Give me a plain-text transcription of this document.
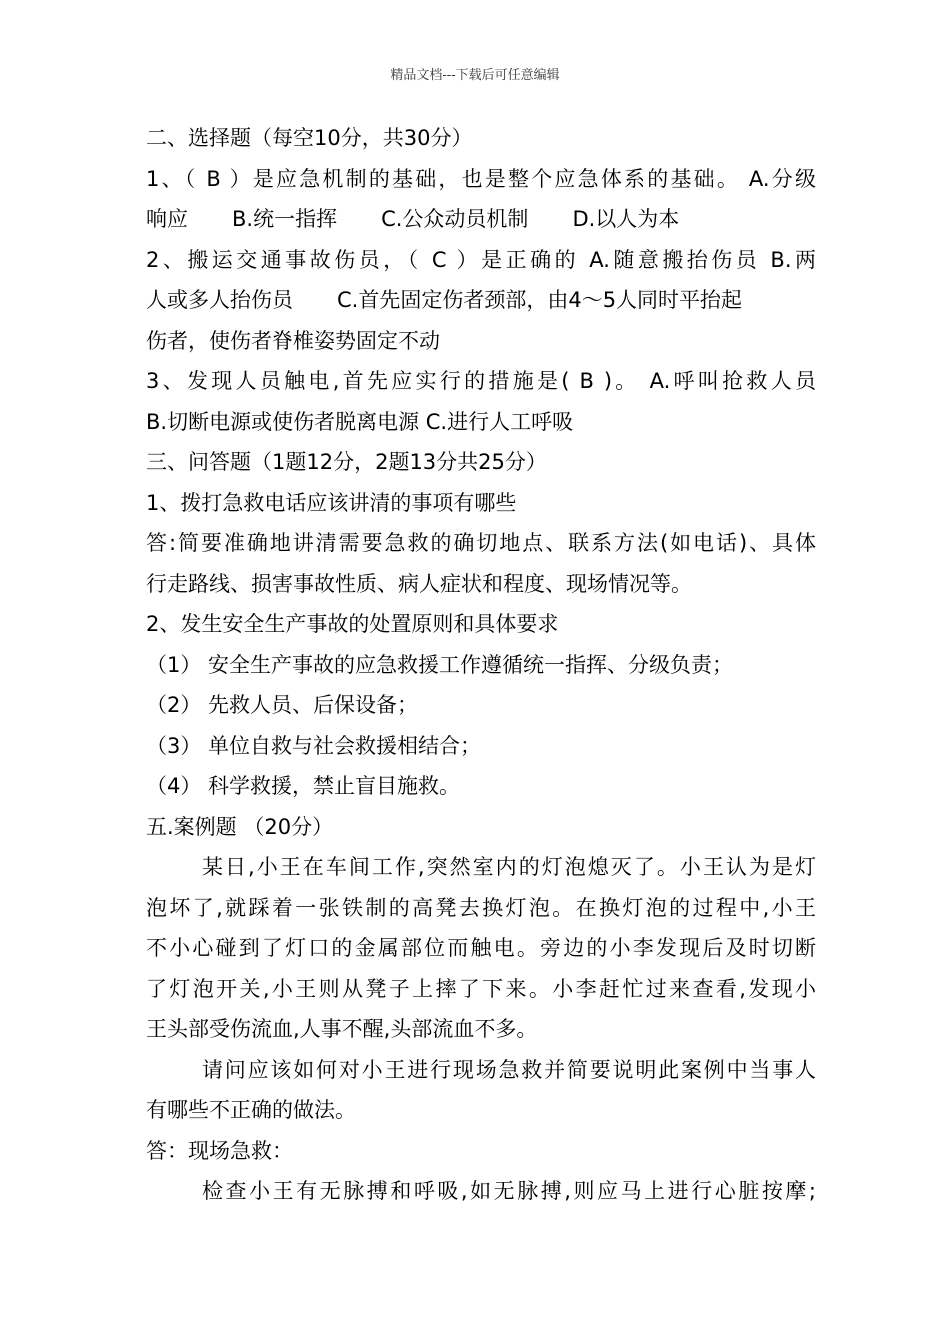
精品文档---下载后可任意编辑
二、选择题（每空10分，共30分）
1、（ B ）是应急机制的基础，也是整个应急体系的基础。 A.分级
响应 B.统一指挥 C.公众动员机制 D.以人为本
2、搬运交通事故伤员，（ C ）是正确的 A.随意搬抬伤员 B.两
人或多人抬伤员 C.首先固定伤者颈部，由4～5人同时平抬起
伤者，使伤者脊椎姿势固定不动
3、发现人员触电,首先应实行的措施是( B )。 A.呼叫抢救人员
B.切断电源或使伤者脱离电源 C.进行人工呼吸
三、问答题（1题12分，2题13分共25分）
1、拨打急救电话应该讲清的事项有哪些
答:简要准确地讲清需要急救的确切地点、联系方法(如电话)、具体
行走路线、损害事故性质、病人症状和程度、现场情况等。
2、发生安全生产事故的处置原则和具体要求
（1） 安全生产事故的应急救援工作遵循统一指挥、分级负责；
（2） 先救人员、后保设备；
（3） 单位自救与社会救援相结合；
（4） 科学救援，禁止盲目施救。
五.案例题 （20分）
某日,小王在车间工作,突然室内的灯泡熄灭了。小王认为是灯
泡坏了,就踩着一张铁制的高凳去换灯泡。在换灯泡的过程中,小王
不小心碰到了灯口的金属部位而触电。旁边的小李发现后及时切断
了灯泡开关,小王则从凳子上摔了下来。小李赶忙过来查看,发现小
王头部受伤流血,人事不醒,头部流血不多。
请问应该如何对小王进行现场急救并简要说明此案例中当事人
有哪些不正确的做法。
答：现场急救：
检查小王有无脉搏和呼吸,如无脉搏,则应马上进行心脏按摩;
